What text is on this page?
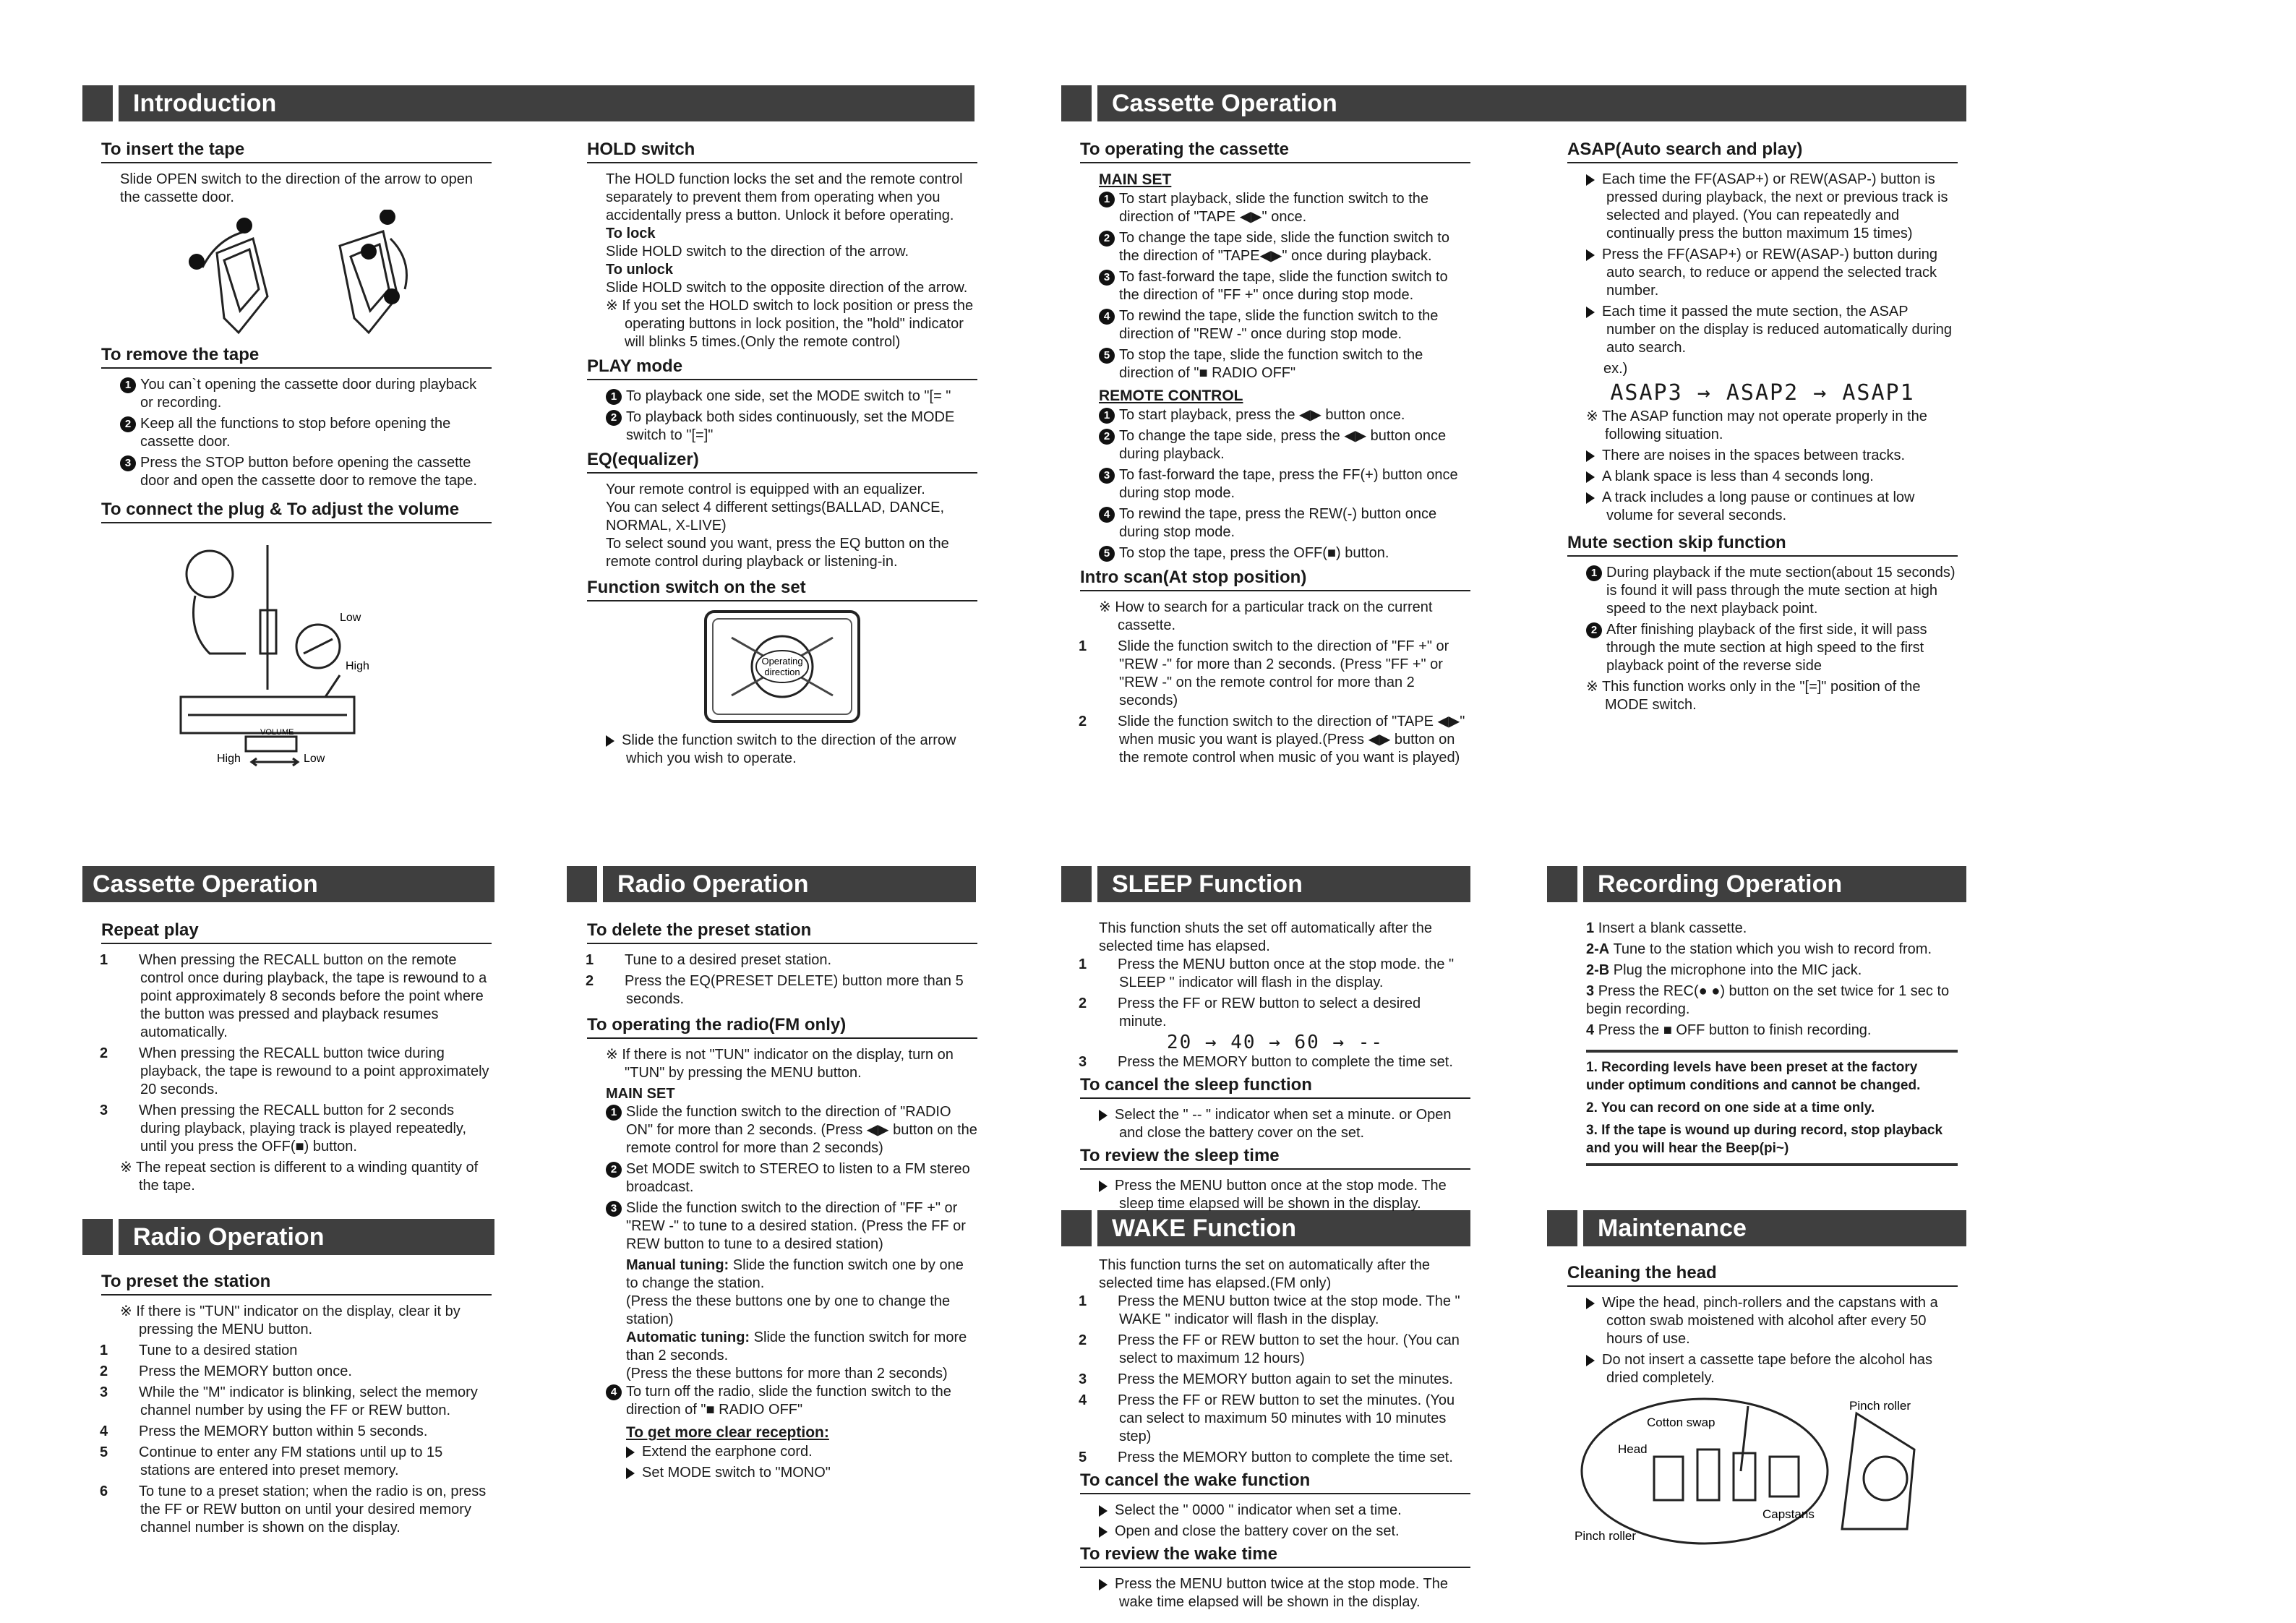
Introduction	Cassette Operation
Cassette Operation	Radio Operation	SLEEP Function	Recording Operation
Radio Operation	WAKE Function	Maintenance
To insert the tape
Slide OPEN switch to the direction of the arrow to open the cassette door.
To remove the tape
1 You can`t opening the cassette door during playback or recording.
2 Keep all the functions to stop before opening the cassette door.
3 Press the STOP button before opening the cassette door and open the cassette door to remove the tape.
To connect the plug & To adjust the volume
Low
High
VOLUME
High	Low
HOLD switch
The HOLD function locks the set and the remote control separately to prevent them from operating when you accidentally press a button. Unlock it before operating.
To lock
Slide HOLD switch to the direction of the arrow.
To unlock
Slide HOLD switch to the opposite direction of the arrow.
※ If you set the HOLD switch to lock position or press the operating buttons in lock position, the "hold" indicator will blinks 5 times.(Only the remote control)
PLAY mode
1 To playback one side, set the MODE switch to "[= "
2 To playback both sides continuously, set the MODE switch to "[=]"
EQ(equalizer)
Your remote control is equipped with an equalizer.
You can select 4 different settings(BALLAD, DANCE, NORMAL, X-LIVE)
To select sound you want, press the EQ button on the remote control during playback or listening-in.
Function switch on the set
Operating
direction
Slide the function switch to the direction of the arrow which you wish to operate.
To operating the cassette
MAIN SET
1 To start playback, slide the function switch to the direction of "TAPE ◀▶" once.
2 To change the tape side, slide the function switch to the direction of "TAPE◀▶" once during playback.
3 To fast-forward the tape, slide the function switch to the direction of "FF +" once during stop mode.
4 To rewind the tape, slide the function switch to the direction of "REW -" once during stop mode.
5 To stop the tape, slide the function switch to the direction of "■ RADIO OFF"
REMOTE CONTROL
1 To start playback, press the ◀▶ button once.
2 To change the tape side, press the ◀▶ button once during playback.
3 To fast-forward the tape, press the FF(+) button once during stop mode.
4 To rewind the tape, press the REW(-) button once during stop mode.
5 To stop the tape, press the OFF(■) button.
Intro scan(At stop position)
※ How to search for a particular track on the current cassette.
1 Slide the function switch to the direction of "FF +" or "REW -" for more than 2 seconds. (Press "FF +" or "REW -" on the remote control for more than 2 seconds)
2 Slide the function switch to the direction of "TAPE ◀▶" when music you want is played.(Press ◀▶ button on the remote control when music of you want is played)
ASAP(Auto search and play)
Each time the FF(ASAP+) or REW(ASAP-) button is pressed during playback, the next or previous track is selected and played. (You can repeatedly and continually press the button maximum 15 times)
Press the FF(ASAP+) or REW(ASAP-) button during auto search, to reduce or append the selected track number.
Each time it passed the mute section, the ASAP number on the display is reduced automatically during auto search.
ex.)
ASAP3 → ASAP2 → ASAP1
※ The ASAP function may not operate properly in the following situation.
There are noises in the spaces between tracks.
A blank space is less than 4 seconds long.
A track includes a long pause or continues at low volume for several seconds.
Mute section skip function
1 During playback if the mute section(about 15 seconds) is found it will pass through the mute section at high speed to the next playback point.
2 After finishing playback of the first side, it will pass through the mute section at high speed to the first playback point of the reverse side
※ This function works only in the "[=]" position of the MODE switch.
Repeat play
1 When pressing the RECALL button on the remote control once during playback, the tape is rewound to a point approximately 8 seconds before the point where the button was pressed and playback resumes automatically.
2 When pressing the RECALL button twice during playback, the tape is rewound to a point approximately 20 seconds.
3 When pressing the RECALL button for 2 seconds during playback, playing track is played repeatedly, until you press the OFF(■) button.
※ The repeat section is different to a winding quantity of the tape.
To preset the station
※ If there is "TUN" indicator on the display, clear it by pressing the MENU button.
1 Tune to a desired station
2 Press the MEMORY button once.
3 While the "M" indicator is blinking, select the memory channel number by using the FF or REW button.
4 Press the MEMORY button within 5 seconds.
5 Continue to enter any FM stations until up to 15 stations are entered into preset memory.
6 To tune to a preset station; when the radio is on, press the FF or REW button on until your desired memory channel number is shown on the display.
To delete the preset station
1 Tune to a desired preset station.
2 Press the EQ(PRESET DELETE) button more than 5 seconds.
To operating the radio(FM only)
※ If there is not "TUN" indicator on the display, turn on "TUN" by pressing the MENU button.
MAIN SET
1 Slide the function switch to the direction of "RADIO ON" for more than 2 seconds. (Press ◀▶ button on the remote control for more than 2 seconds)
2 Set MODE switch to STEREO to listen to a FM stereo broadcast.
3 Slide the function switch to the direction of "FF +" or "REW -" to tune to a desired station. (Press the FF or REW button to tune to a desired station)
Manual tuning: Slide the function switch one by one to change the station.
(Press the these buttons one by one to change the station)
Automatic tuning: Slide the function switch for more than 2 seconds.
(Press the these buttons for more than 2 seconds)
4 To turn off the radio, slide the function switch to the direction of "■ RADIO OFF"
To get more clear reception:
Extend the earphone cord.
Set MODE switch to "MONO"
This function shuts the set off automatically after the selected time has elapsed.
1 Press the MENU button once at the stop mode. the " SLEEP " indicator will flash in the display.
2 Press the FF or REW button to select a desired minute.
20 → 40 → 60 → --
3 Press the MEMORY button to complete the time set.
To cancel the sleep function
Select the " -- " indicator when set a minute. or Open and close the battery cover on the set.
To review the sleep time
Press the MENU button once at the stop mode. The sleep time elapsed will be shown in the display.
This function turns the set on automatically after the selected time has elapsed.(FM only)
1 Press the MENU button twice at the stop mode. The " WAKE " indicator will flash in the display.
2 Press the FF or REW button to set the hour. (You can select to maximum 12 hours)
3 Press the MEMORY button again to set the minutes.
4 Press the FF or REW button to set the minutes. (You can select to maximum 50 minutes with 10 minutes step)
5 Press the MEMORY button to complete the time set.
To cancel the wake function
Select the " 0000 " indicator when set a time.
Open and close the battery cover on the set.
To review the wake time
Press the MENU button twice at the stop mode. The wake time elapsed will be shown in the display.
1 Insert a blank cassette.
2-A Tune to the station which you wish to record from.
2-B Plug the microphone into the MIC jack.
3 Press the REC(● ●) button on the set twice for 1 sec to begin recording.
4 Press the ■ OFF button to finish recording.
1. Recording levels have been preset at the factory under optimum conditions and cannot be changed.
2. You can record on one side at a time only.
3. If the tape is wound up during record, stop playback and you will hear the Beep(pi~)
Cleaning the head
Wipe the head, pinch-rollers and the capstans with a cotton swab moistened with alcohol after every 50 hours of use.
Do not insert a cassette tape before the alcohol has dried completely.
Cotton swap
Pinch roller
Head
Capstans
Pinch roller
